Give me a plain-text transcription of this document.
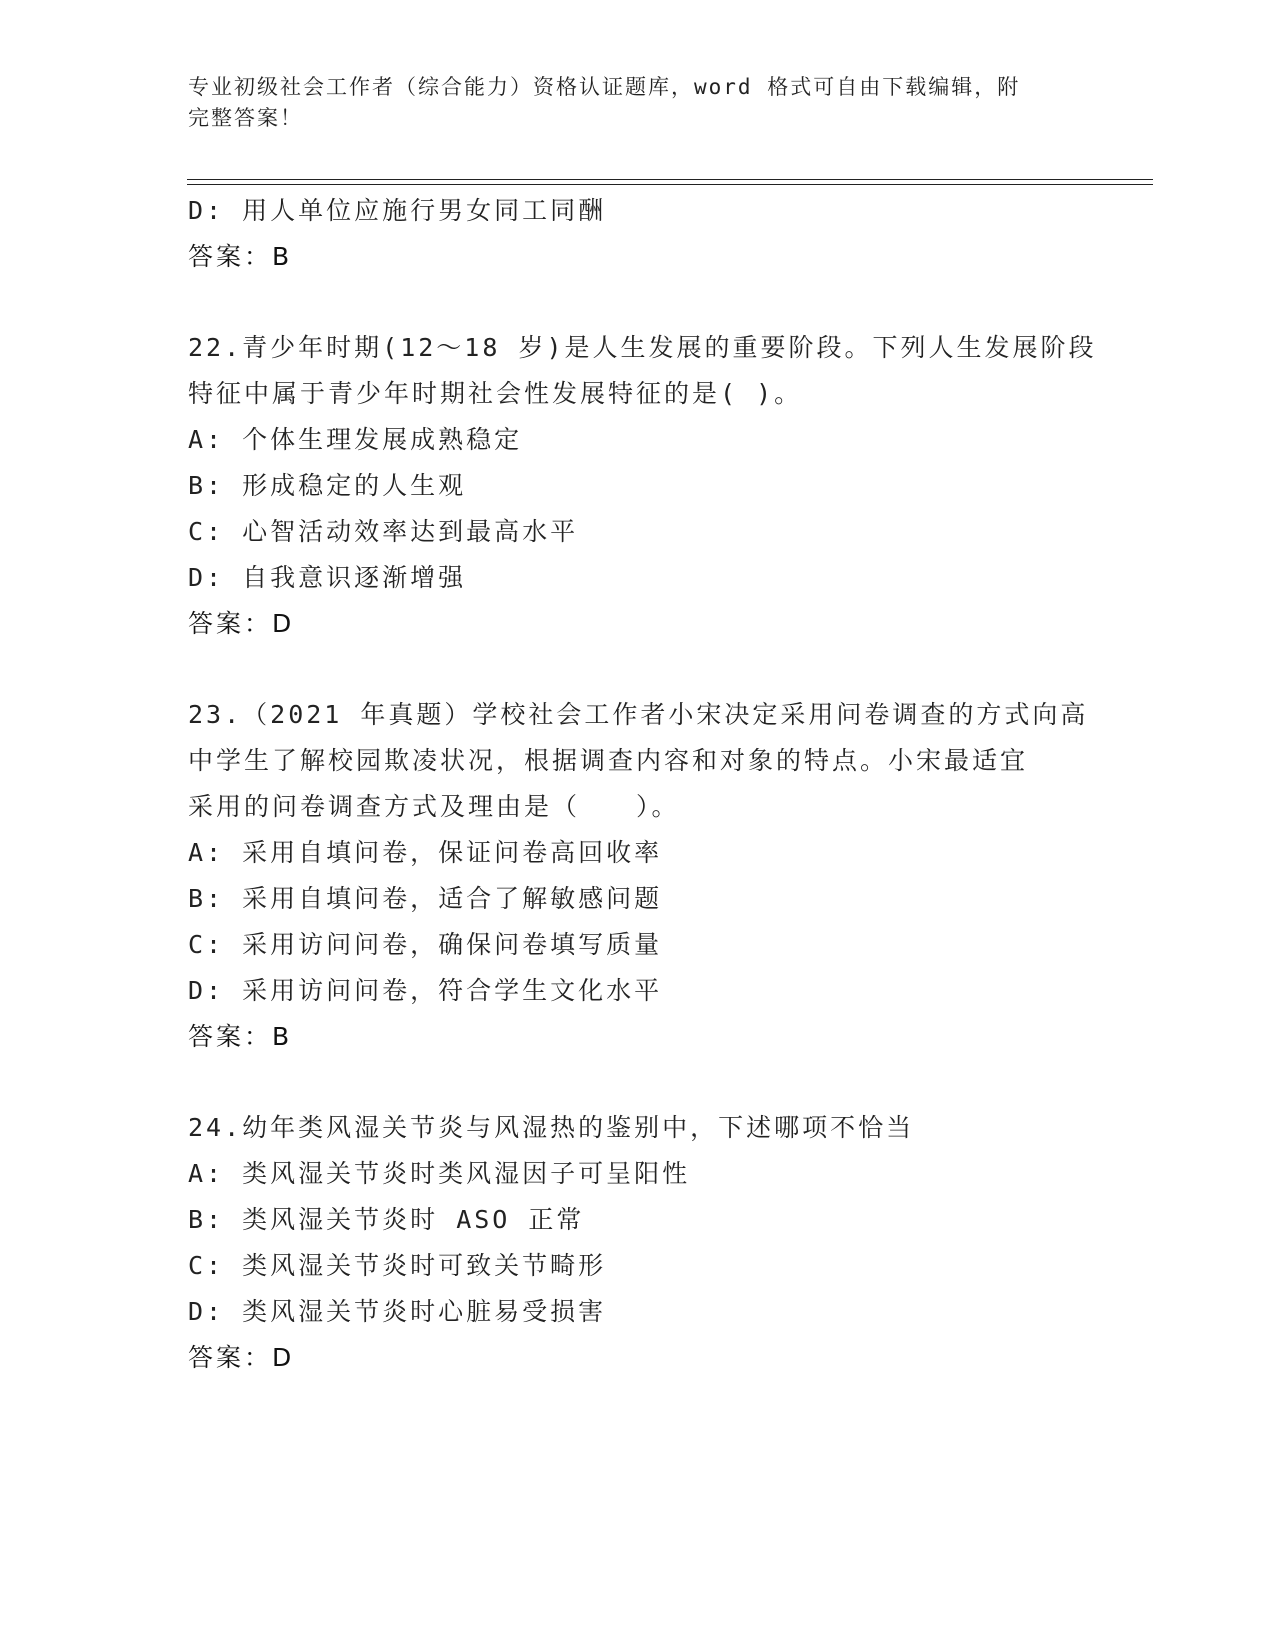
专业初级社会工作者（综合能力）资格认证题库，word 格式可自由下载编辑，附
完整答案！
D: 用人单位应施行男女同工同酬
答案：B
22.青少年时期(12～18 岁)是人生发展的重要阶段。下列人生发展阶段
特征中属于青少年时期社会性发展特征的是( )。
A: 个体生理发展成熟稳定
B: 形成稳定的人生观
C: 心智活动效率达到最高水平
D: 自我意识逐渐增强
答案：D
23.（2021 年真题）学校社会工作者小宋决定采用问卷调查的方式向高
中学生了解校园欺凌状况，根据调查内容和对象的特点。小宋最适宜
采用的问卷调查方式及理由是（　　）。
A: 采用自填问卷，保证问卷高回收率
B: 采用自填问卷，适合了解敏感问题
C: 采用访问问卷，确保问卷填写质量
D: 采用访问问卷，符合学生文化水平
答案：B
24.幼年类风湿关节炎与风湿热的鉴别中，下述哪项不恰当
A: 类风湿关节炎时类风湿因子可呈阳性
B: 类风湿关节炎时 ASO 正常
C: 类风湿关节炎时可致关节畸形
D: 类风湿关节炎时心脏易受损害
答案：D
